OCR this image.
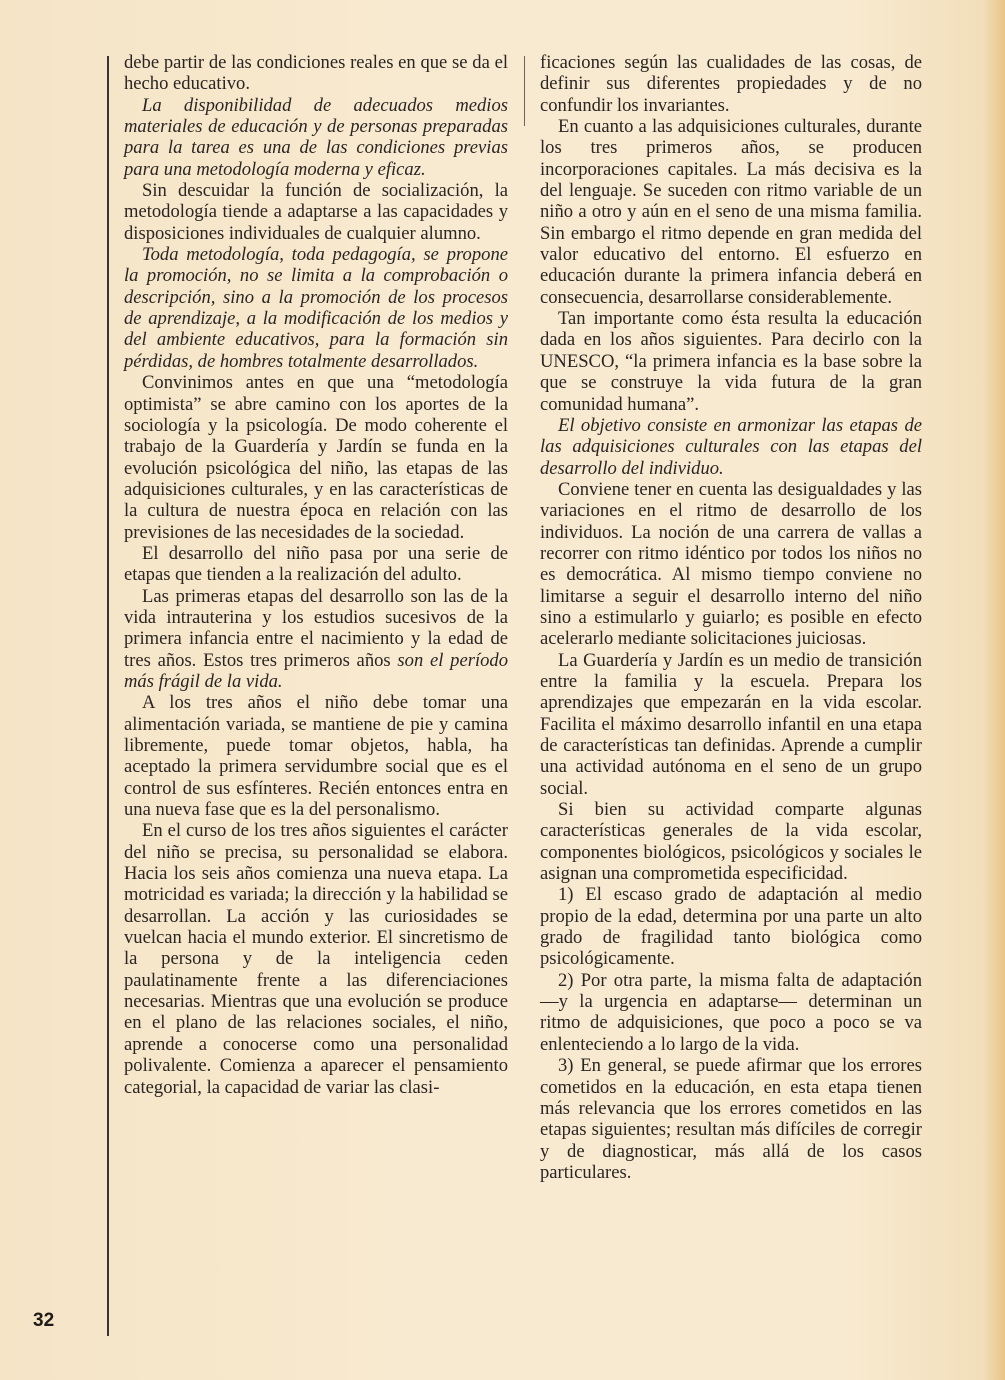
debe partir de las condiciones reales en que se da el hecho educativo.

La disponibilidad de adecuados medios materiales de educación y de personas preparadas para la tarea es una de las condiciones previas para una metodología moderna y eficaz.

Sin descuidar la función de socialización, la metodología tiende a adaptarse a las capacidades y disposiciones individuales de cualquier alumno.

Toda metodología, toda pedagogía, se propone la promoción, no se limita a la comprobación o descripción, sino a la promoción de los procesos de aprendizaje, a la modificación de los medios y del ambiente educativos, para la formación sin pérdidas, de hombres totalmente desarrollados.

Convinimos antes en que una “metodología optimista” se abre camino con los aportes de la sociología y la psicología. De modo coherente el trabajo de la Guardería y Jardín se funda en la evolución psicológica del niño, las etapas de las adquisiciones culturales, y en las características de la cultura de nuestra época en relación con las previsiones de las necesidades de la sociedad.

El desarrollo del niño pasa por una serie de etapas que tienden a la realización del adulto.

Las primeras etapas del desarrollo son las de la vida intrauterina y los estudios sucesivos de la primera infancia entre el nacimiento y la edad de tres años. Estos tres primeros años son el período más frágil de la vida.

A los tres años el niño debe tomar una alimentación variada, se mantiene de pie y camina libremente, puede tomar objetos, habla, ha aceptado la primera servidumbre social que es el control de sus esfínteres. Recién entonces entra en una nueva fase que es la del personalismo.

En el curso de los tres años siguientes el carácter del niño se precisa, su personalidad se elabora. Hacia los seis años comienza una nueva etapa. La motricidad es variada; la dirección y la habilidad se desarrollan. La acción y las curiosidades se vuelcan hacia el mundo exterior. El sincretismo de la persona y de la inteligencia ceden paulatinamente frente a las diferenciaciones necesarias. Mientras que una evolución se produce en el plano de las relaciones sociales, el niño, aprende a conocerse como una personalidad polivalente. Comienza a aparecer el pensamiento categorial, la capacidad de variar las clasi-

ficaciones según las cualidades de las cosas, de definir sus diferentes propiedades y de no confundir los invariantes.

En cuanto a las adquisiciones culturales, durante los tres primeros años, se producen incorporaciones capitales. La más decisiva es la del lenguaje. Se suceden con ritmo variable de un niño a otro y aún en el seno de una misma familia. Sin embargo el ritmo depende en gran medida del valor educativo del entorno. El esfuerzo en educación durante la primera infancia deberá en consecuencia, desarrollarse considerablemente.

Tan importante como ésta resulta la educación dada en los años siguientes. Para decirlo con la UNESCO, “la primera infancia es la base sobre la que se construye la vida futura de la gran comunidad humana”.

El objetivo consiste en armonizar las etapas de las adquisiciones culturales con las etapas del desarrollo del individuo.

Conviene tener en cuenta las desigualdades y las variaciones en el ritmo de desarrollo de los individuos. La noción de una carrera de vallas a recorrer con ritmo idéntico por todos los niños no es democrática. Al mismo tiempo conviene no limitarse a seguir el desarrollo interno del niño sino a estimularlo y guiarlo; es posible en efecto acelerarlo mediante solicitaciones juiciosas.

La Guardería y Jardín es un medio de transición entre la familia y la escuela. Prepara los aprendizajes que empezarán en la vida escolar. Facilita el máximo desarrollo infantil en una etapa de características tan definidas. Aprende a cumplir una actividad autónoma en el seno de un grupo social.

Si bien su actividad comparte algunas características generales de la vida escolar, componentes biológicos, psicológicos y sociales le asignan una comprometida especificidad.

1) El escaso grado de adaptación al medio propio de la edad, determina por una parte un alto grado de fragilidad tanto biológica como psicológicamente.

2) Por otra parte, la misma falta de adaptación —y la urgencia en adaptarse— determinan un ritmo de adquisiciones, que poco a poco se va enlenteciendo a lo largo de la vida.

3) En general, se puede afirmar que los errores cometidos en la educación, en esta etapa tienen más relevancia que los errores cometidos en las etapas siguientes; resultan más difíciles de corregir y de diagnosticar, más allá de los casos particulares.

32
